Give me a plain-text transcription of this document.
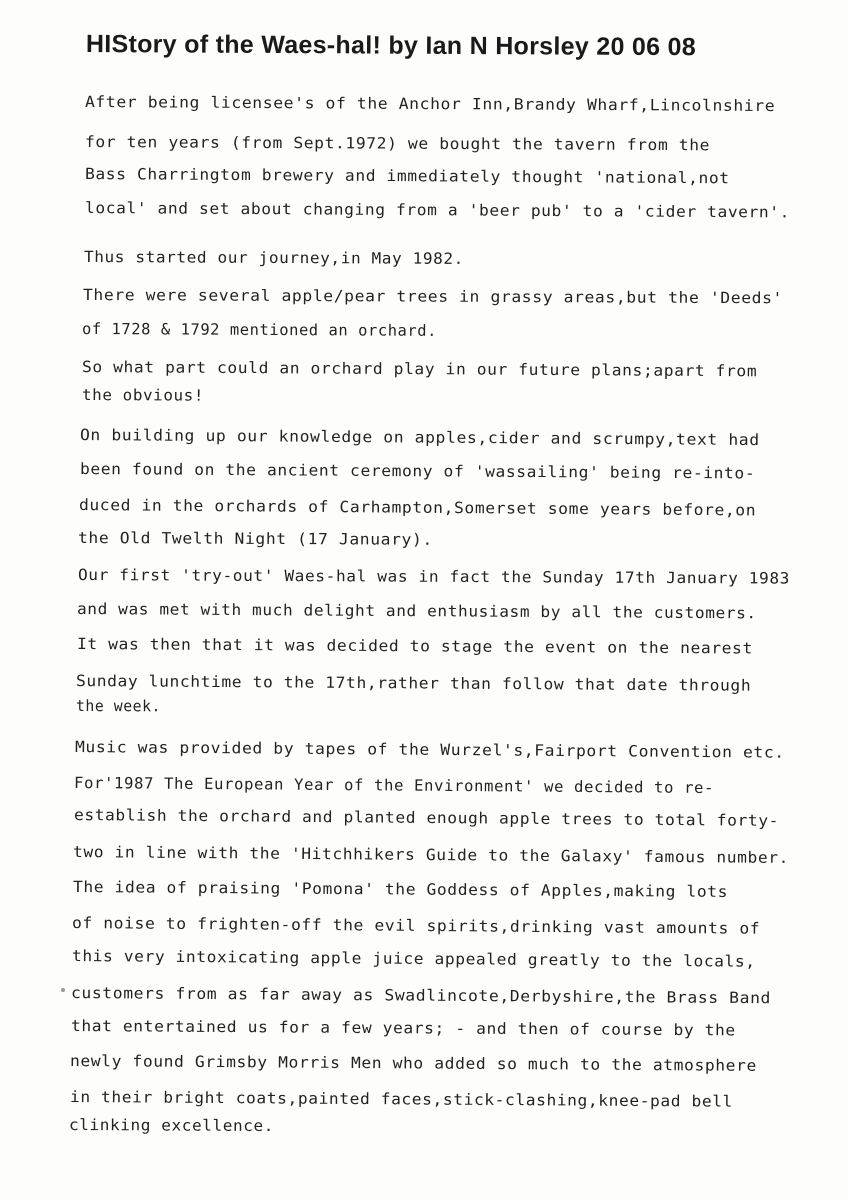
HIStory of the Waes-hal! by Ian N Horsley 20 06 08
After being licensee's of the Anchor Inn,Brandy Wharf,Lincolnshire
for ten years (from Sept.1972) we bought the tavern from the
Bass Charringtom brewery and immediately thought 'national,not
local' and set about changing from a 'beer pub' to a 'cider tavern'.
Thus started our journey,in May 1982.
There were several apple/pear trees in grassy areas,but the 'Deeds'
of 1728 & 1792 mentioned an orchard.
So what part could an orchard play in our future plans;apart from
the obvious!
On building up our knowledge on apples,cider and scrumpy,text had
been found on the ancient ceremony of 'wassailing' being re-into-
duced in the orchards of Carhampton,Somerset some years before,on
the Old Twelth Night (17 January).
Our first 'try-out' Waes-hal was in fact the Sunday 17th January 1983
and was met with much delight and enthusiasm by all the customers.
It was then that it was decided to stage the event on the nearest
Sunday lunchtime to the 17th,rather than follow that date through
the week.
Music was provided by tapes of the Wurzel's,Fairport Convention etc.
For'1987 The European Year of the Environment' we decided to re-
establish the orchard and planted enough apple trees to total forty-
two in line with the 'Hitchhikers Guide to the Galaxy' famous number.
The idea of praising 'Pomona' the Goddess of Apples,making lots
of noise to frighten-off the evil spirits,drinking vast amounts of
this very intoxicating apple juice appealed greatly to the locals,
customers from as far away as Swadlincote,Derbyshire,the Brass Band
that entertained us for a few years; - and then of course by the
newly found Grimsby Morris Men who added so much to the atmosphere
in their bright coats,painted faces,stick-clashing,knee-pad bell
clinking excellence.
